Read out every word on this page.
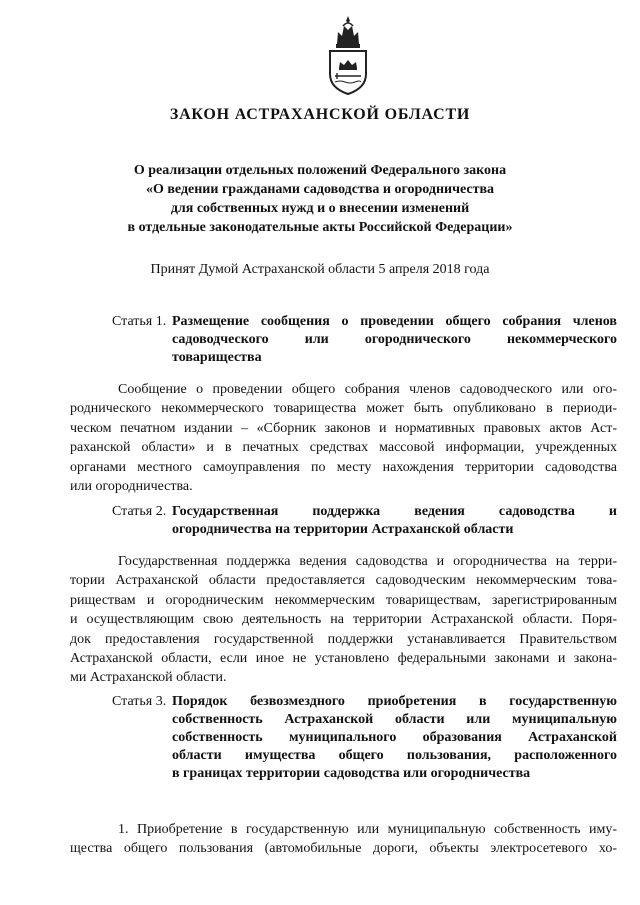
ЗАКОН АСТРАХАНСКОЙ ОБЛАСТИ
О реализации отдельных положений Федерального закона
«О ведении гражданами садоводства и огородничества
для собственных нужд и о внесении изменений
в отдельные законодательные акты Российской Федерации»

Принят Думой Астраханской области 5 апреля 2018 года

Статья 1. Размещение сообщения о проведении общего собрания членов
садоводческого или огороднического некоммерческого
товарищества

Сообщение о проведении общего собрания членов садоводческого или ого-
роднического некоммерческого товарищества может быть опубликовано в периоди-
ческом печатном издании – «Сборник законов и нормативных правовых актов Аст-
раханской области» и в печатных средствах массовой информации, учрежденных
органами местного самоуправления по месту нахождения территории садоводства
или огородничества.

Статья 2. Государственная поддержка ведения садоводства и
огородничества на территории Астраханской области

Государственная поддержка ведения садоводства и огородничества на терри-
тории Астраханской области предоставляется садоводческим некоммерческим това-
риществам и огородническим некоммерческим товариществам, зарегистрированным
и осуществляющим свою деятельность на территории Астраханской области. Поря-
док предоставления государственной поддержки устанавливается Правительством
Астраханской области, если иное не установлено федеральными законами и закона-
ми Астраханской области.

Статья 3. Порядок безвозмездного приобретения в государственную
собственность Астраханской области или муниципальную
собственность муниципального образования Астраханской
области имущества общего пользования, расположенного
в границах территории садоводства или огородничества

1. Приобретение в государственную или муниципальную собственность иму-
щества общего пользования (автомобильные дороги, объекты электросетевого хо-
